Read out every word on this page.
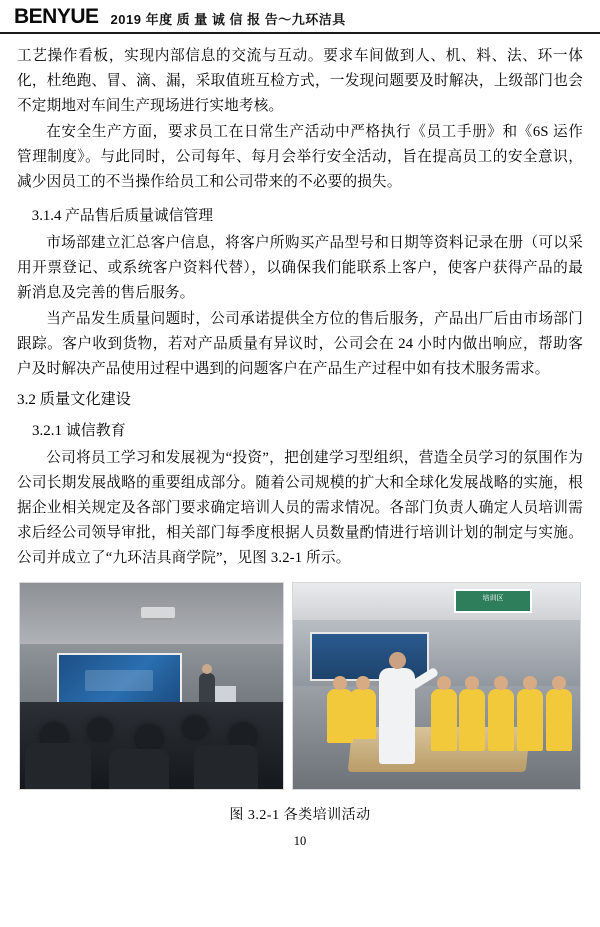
BENYUE 2019 年度 质 量 诚 信 报 告～九环洁具

工艺操作看板，实现内部信息的交流与互动。要求车间做到人、机、料、法、环一体化，杜绝跑、冒、滴、漏，采取值班互检方式，一发现问题要及时解决，上级部门也会不定期地对车间生产现场进行实地考核。

在安全生产方面，要求员工在日常生产活动中严格执行《员工手册》和《6S 运作管理制度》。与此同时，公司每年、每月会举行安全活动，旨在提高员工的安全意识，减少因员工的不当操作给员工和公司带来的不必要的损失。

3.1.4 产品售后质量诚信管理

市场部建立汇总客户信息，将客户所购买产品型号和日期等资料记录在册（可以采用开票登记、或系统客户资料代替），以确保我们能联系上客户，使客户获得产品的最新消息及完善的售后服务。

当产品发生质量问题时，公司承诺提供全方位的售后服务，产品出厂后由市场部门跟踪。客户收到货物，若对产品质量有异议时，公司会在 24 小时内做出响应，帮助客户及时解决产品使用过程中遇到的问题客户在产品生产过程中如有技术服务需求。

3.2 质量文化建设
3.2.1 诚信教育

公司将员工学习和发展视为“投资”，把创建学习型组织，营造全员学习的氛围作为公司长期发展战略的重要组成部分。随着公司规模的扩大和全球化发展战略的实施，根据企业相关规定及各部门要求确定培训人员的需求情况。各部门负责人确定人员培训需求后经公司领导审批，相关部门每季度根据人员数量酌情进行培训计划的制定与实施。公司并成立了“九环洁具商学院”，见图 3.2-1 所示。

培训区
图 3.2-1 各类培训活动
10
